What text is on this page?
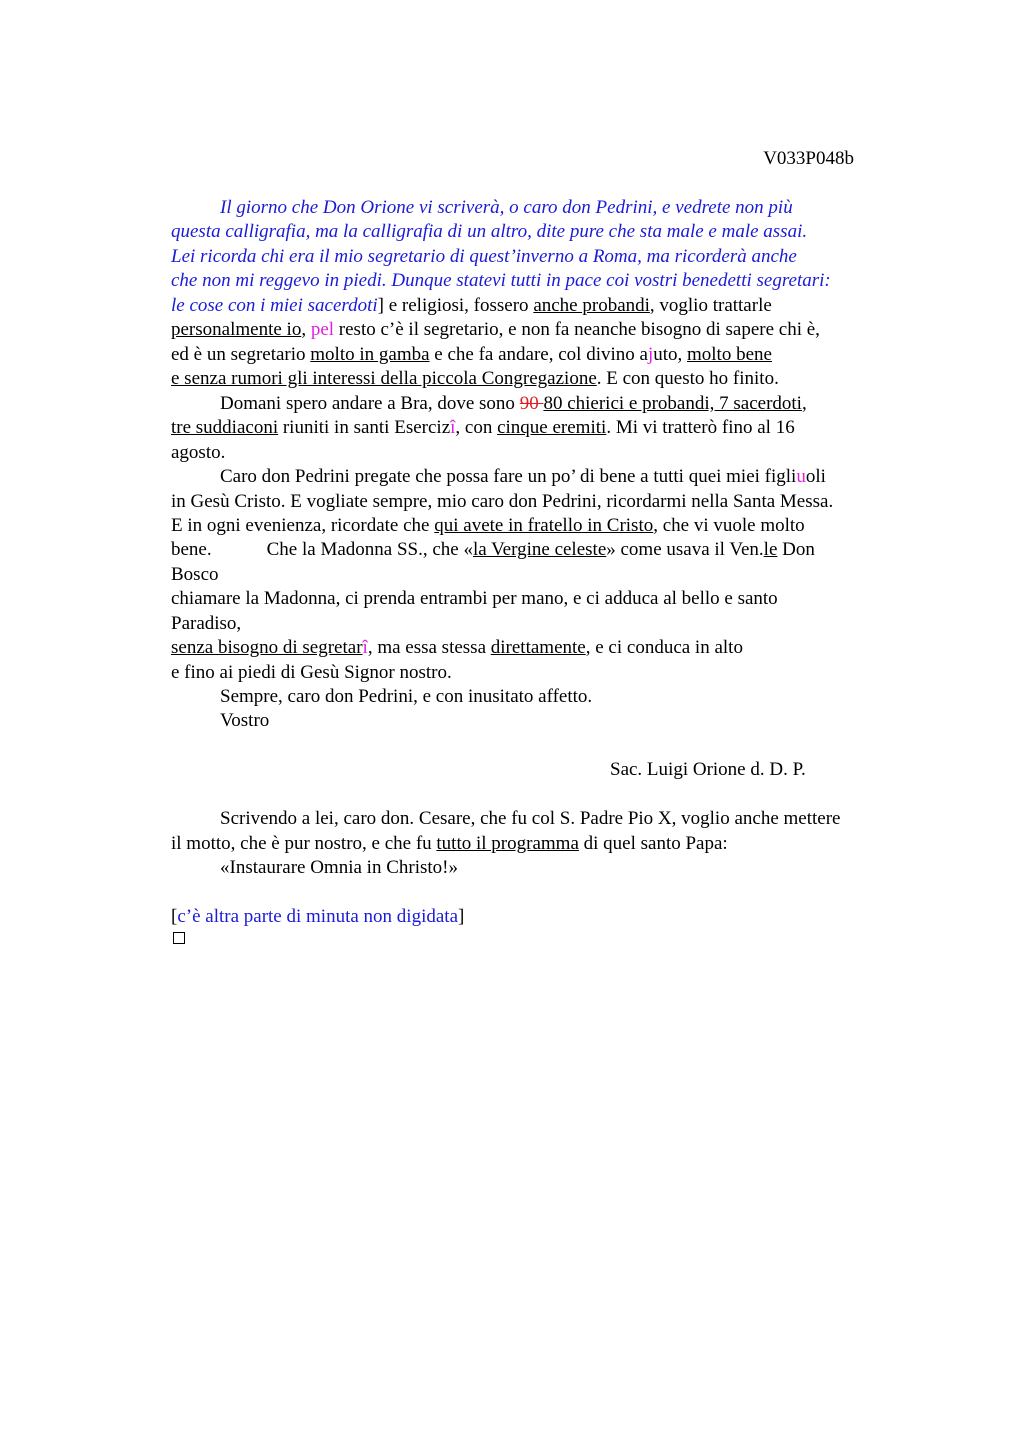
V033P048b
Il giorno che Don Orione vi scriverà, o caro don Pedrini, e vedrete non più
questa calligrafia, ma la calligrafia di un altro, dite pure che sta male e male assai.
Lei ricorda chi era il mio segretario di quest’inverno a Roma, ma ricorderà anche
che non mi reggevo in piedi. Dunque statevi tutti in pace coi vostri benedetti segretari:
le cose con i miei sacerdoti] e religiosi, fossero anche probandi, voglio trattarle
personalmente io, pel resto c’è il segretario, e non fa neanche bisogno di sapere chi è,
ed è un segretario molto in gamba e che fa andare, col divino ajuto, molto bene
e senza rumori gli interessi della piccola Congregazione. E con questo ho finito.
Domani spero andare a Bra, dove sono 90 80 chierici e probandi, 7 sacerdoti,
tre suddiaconi riuniti in santi Esercizî, con cinque eremiti. Mi vi tratterò fino al 16
agosto.
Caro don Pedrini pregate che possa fare un po’ di bene a tutti quei miei figliuoli
in Gesù Cristo. E vogliate sempre, mio caro don Pedrini, ricordarmi nella Santa Messa.
E in ogni evenienza, ricordate che qui avete in fratello in Cristo, che vi vuole molto
bene.	Che la Madonna SS., che «la Vergine celeste» come usava il Ven.le Don
Bosco
chiamare la Madonna, ci prenda entrambi per mano, e ci adduca al bello e santo
Paradiso,
senza bisogno di segretarî, ma essa stessa direttamente, e ci conduca in alto
e fino ai piedi di Gesù Signor nostro.
Sempre, caro don Pedrini, e con inusitato affetto.
Vostro
Sac. Luigi Orione d. D. P.
Scrivendo a lei, caro don. Cesare, che fu col S. Padre Pio X, voglio anche mettere
il motto, che è pur nostro, e che fu tutto il programma di quel santo Papa:
«Instaurare Omnia in Christo!»
[c’è altra parte di minuta non digidata]
